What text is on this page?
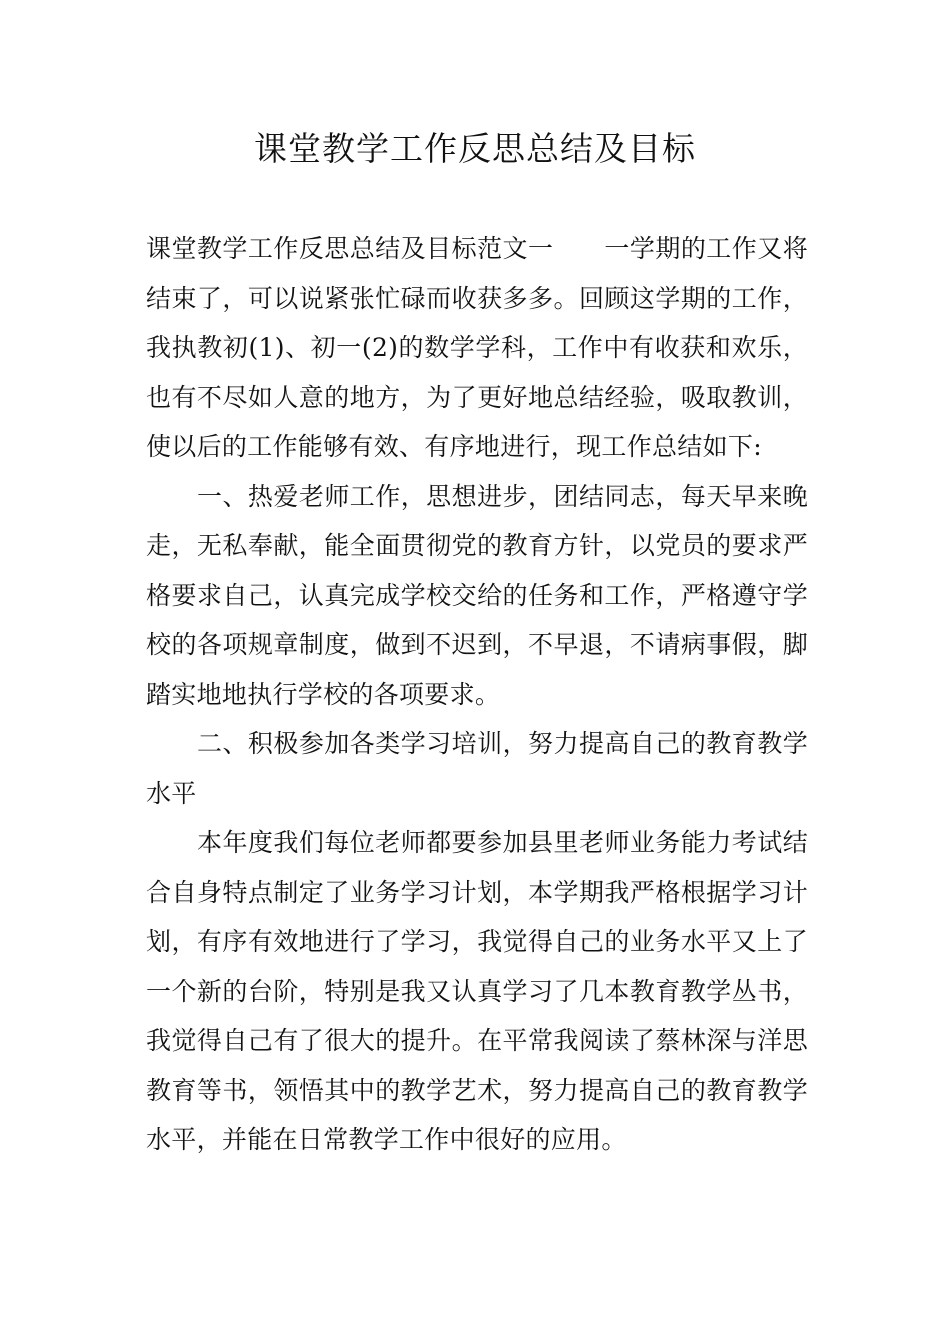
课堂教学工作反思总结及目标

课堂教学工作反思总结及目标范文一　　一学期的工作又将结束了，可以说紧张忙碌而收获多多。回顾这学期的工作，我执教初(1)、初一(2)的数学学科，工作中有收获和欢乐，也有不尽如人意的地方，为了更好地总结经验，吸取教训，使以后的工作能够有效、有序地进行，现工作总结如下:

一、热爱老师工作，思想进步，团结同志，每天早来晚走，无私奉献，能全面贯彻党的教育方针，以党员的要求严格要求自己，认真完成学校交给的任务和工作，严格遵守学校的各项规章制度，做到不迟到，不早退，不请病事假，脚踏实地地执行学校的各项要求。

二、积极参加各类学习培训，努力提高自己的教育教学水平

本年度我们每位老师都要参加县里老师业务能力考试结合自身特点制定了业务学习计划，本学期我严格根据学习计划，有序有效地进行了学习，我觉得自己的业务水平又上了一个新的台阶，特别是我又认真学习了几本教育教学丛书，我觉得自己有了很大的提升。在平常我阅读了蔡林深与洋思教育等书，领悟其中的教学艺术，努力提高自己的教育教学水平，并能在日常教学工作中很好的应用。
